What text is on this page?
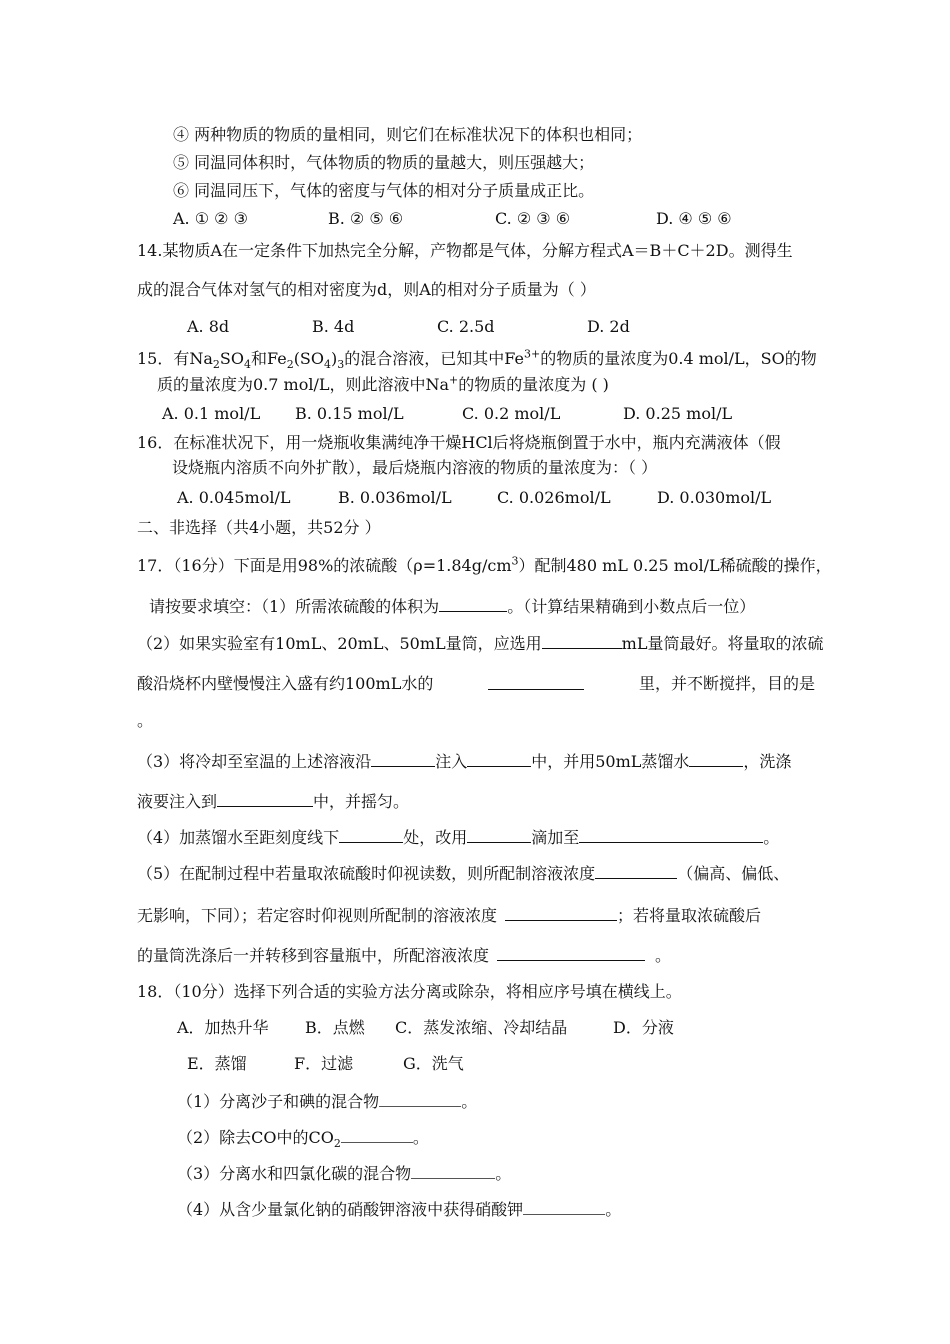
④ 两种物质的物质的量相同，则它们在标准状况下的体积也相同；
⑤ 同温同体积时，气体物质的物质的量越大，则压强越大；
⑥ 同温同压下，气体的密度与气体的相对分子质量成正比。
A. ① ② ③	B. ② ⑤ ⑥	C. ② ③ ⑥	D. ④ ⑤ ⑥
14.某物质A在一定条件下加热完全分解，产物都是气体，分解方程式A＝B＋C＋2D。测得生
成的混合气体对氢气的相对密度为d，则A的相对分子质量为（ ）
A. 8d	B. 4d	C. 2.5d	D. 2d
15．有$Na_2SO_4$和$Fe_2(SO_4)_3$的混合溶液，已知其中$Fe^{3+}$的物质的量浓度为0.4 mol/L，SO的物
质的量浓度为0.7 mol/L，则此溶液中Na+的物质的量浓度为 ( )
A. 0.1 mol/L B. 0.15 mol/L	C. 0.2 mol/L	D. 0.25 mol/L
16．在标准状况下，用一烧瓶收集满纯净干燥HCl后将烧瓶倒置于水中，瓶内充满液体（假
设烧瓶内溶质不向外扩散），最后烧瓶内溶液的物质的量浓度为：（ ）
A. 0.045mol/L	B. 0.036mol/L	C. 0.026mol/L	D. 0.030mol/L
二、非选择（共4小题，共52分 ）
17．（16分）下面是用98%的浓硫酸$(\rho=1.84g/cm^3)$配制480 mL 0.25 mol/L稀硫酸的操作，
请按要求填空：（1）所需浓硫酸的体积为	。（计算结果精确到小数点后一位）
（2）如果实验室有10mL、20mL、50mL量筒，应选用	mL量筒最好。将量取的浓硫
酸沿烧杯内壁慢慢注入盛有约100mL水的	里，并不断搅拌，目的是
。
（3）将冷却至室温的上述溶液沿	注入	中，并用50mL蒸馏水	，洗涤
液要注入到	中，并摇匀。
（4）加蒸馏水至距刻度线下	处，改用	滴加至	。
（5）在配制过程中若量取浓硫酸时仰视读数，则所配制溶液浓度	（偏高、偏低、
无影响，下同）；若定容时仰视则所配制的溶液浓度	；若将量取浓硫酸后
的量筒洗涤后一并转移到容量瓶中，所配溶液浓度	。
18．（10分）选择下列合适的实验方法分离或除杂，将相应序号填在横线上。
A．加热升华 B．点燃 C．蒸发浓缩、冷却结晶	D．分液
E．蒸馏	F．过滤	G．洗气
（1）分离沙子和碘的混合物	。
（2）除去CO中的$CO_2$	。
（3）分离水和四氯化碳的混合物	。
（4）从含少量氯化钠的硝酸钾溶液中获得硝酸钾	。
